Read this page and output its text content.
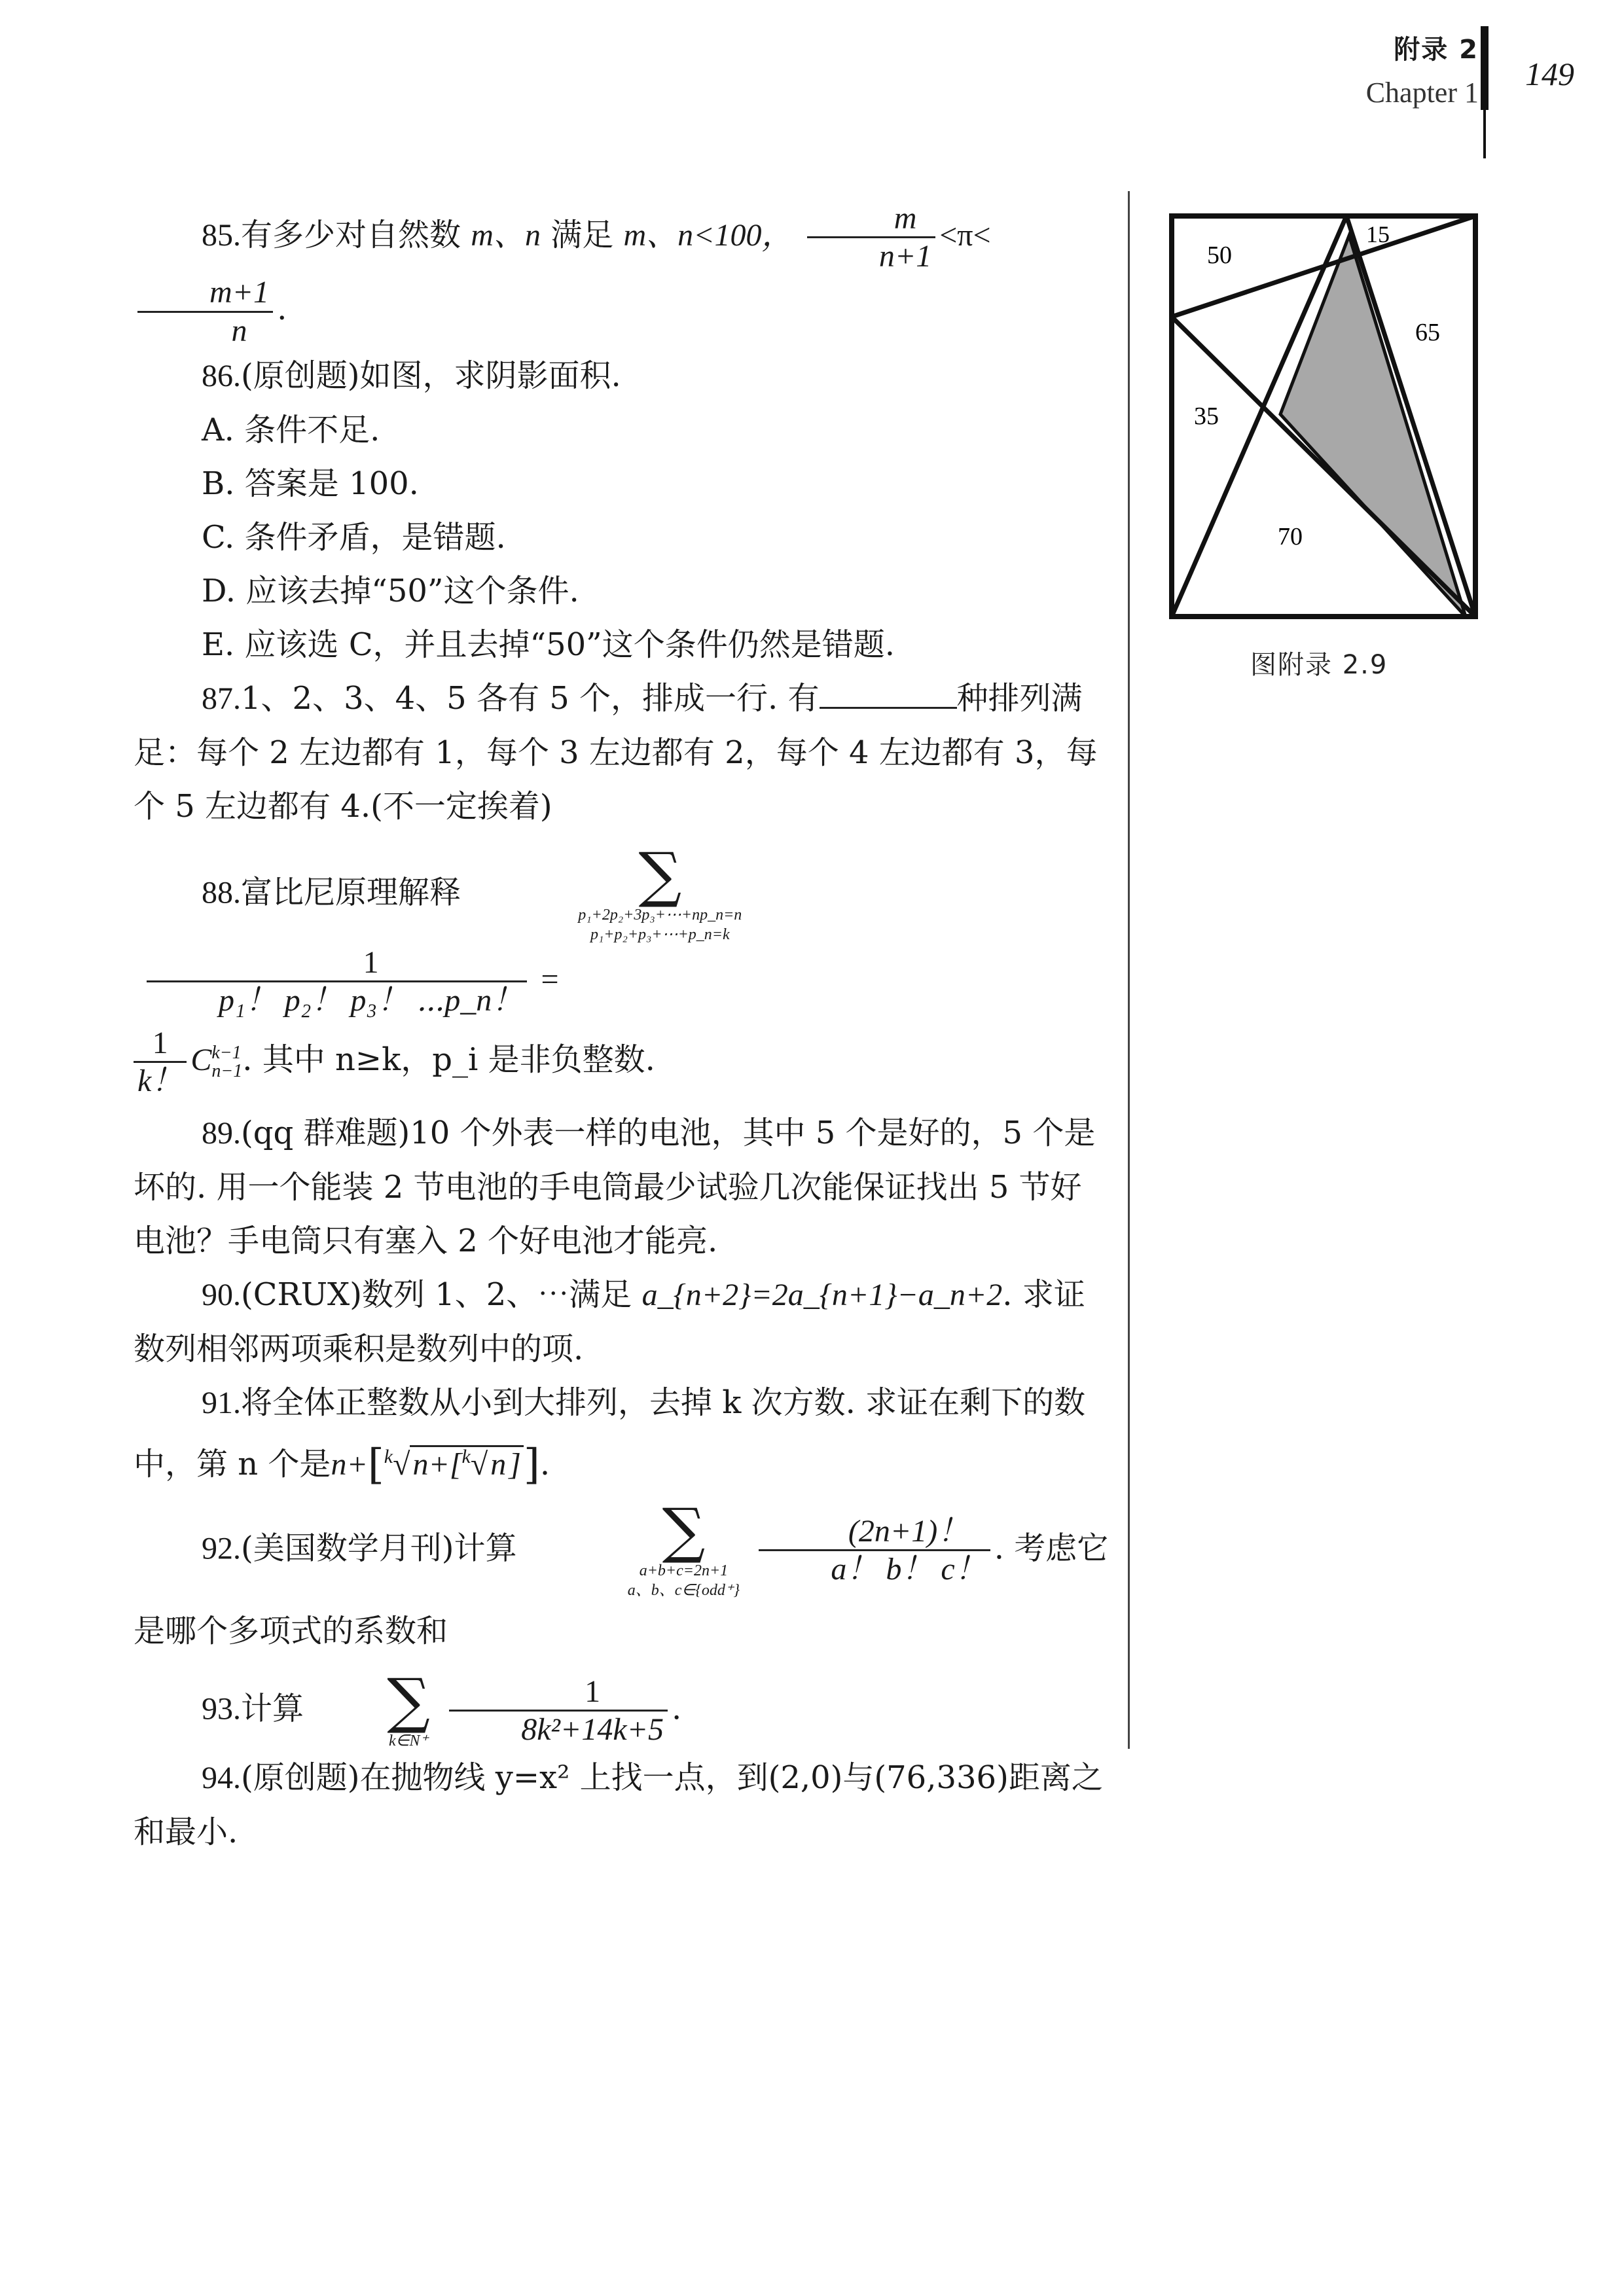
附录 2
Chapter 1
149

85.有多少对自然数 m、n 满足 m、n<100， $\frac{m}{n+1} <\pi<$
$\frac{m+1}{n}$ .

86.(原创题)如图，求阴影面积.

A. 条件不足.

B. 答案是 100.

C. 条件矛盾，是错题.

D. 应该去掉“50”这个条件.

E. 应该选 C，并且去掉“50”这个条件仍然是错题.

87.1、2、3、4、5 各有 5 个，排成一行. 有	种排列满足：每个 2 左边都有 1，每个 3 左边都有 2，每个 4 左边都有 3，每个 5 左边都有 4.(不一定挨着)

88.富比尼原理解释	∑
p₁+2p₂+3p₃+⋯+np_n=n
p₁+p₂+p₃+⋯+p_n=k

$\frac{1}{\text{p₁！ p₂！ p₃！ ⋯p\_n！}}$ =

$\frac{1}{k!}$ C k−1
n−1 . 其中 n≥k，p_i 是非负整数.

89.(qq 群难题)10 个外表一样的电池，其中 5 个是好的，5 个是坏的. 用一个能装 2 节电池的手电筒最少试验几次能保证找出 5 节好电池？手电筒只有塞入 2 个好电池才能亮.

90.(CRUX)数列 1、2、⋯满足 a_{n+2}=2a_{n+1}−a_n+2. 求证数列相邻两项乘积是数列中的项.

91.将全体正整数从小到大排列，去掉 k 次方数. 求证在剩下的数中，第 n 个是n+[$^k$√n+[$^k$√n]].

92.(美国数学月刊)计算	∑
a+b+c=2n+1
a、b、c∈{odd⁺}

$\frac{(2n+1)!}{a! b! c!}$ . 考虑它是哪个多项式的系数和

93.计算	∑
k∈N⁺
$\frac{1}{\text{8k²+14k+5}}$ .

94.(原创题)在抛物线 y=x² 上找一点，到(2,0)与(76,336)距离之和最小.

50
15
65
35
70
图附录 2.9
